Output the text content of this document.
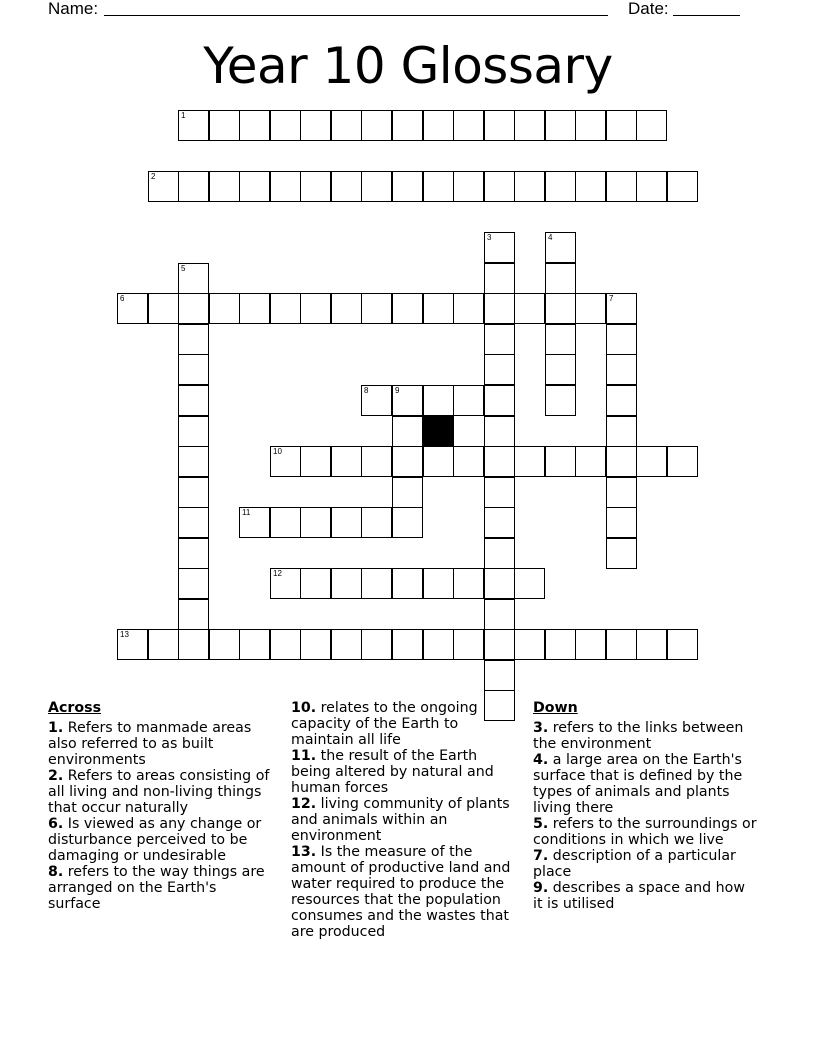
Name:	Date:
Year 10 Glossary
1
2
3	4
5
6	7
8	9
10
11
12
13
Across
1. Refers to manmade areas also referred to as built environments
2. Refers to areas consisting of all living and non-living things that occur naturally
6. Is viewed as any change or disturbance perceived to be damaging or undesirable
8. refers to the way things are arranged on the Earth's surface
10. relates to the ongoing capacity of the Earth to maintain all life
11. the result of the Earth being altered by natural and human forces
12. living community of plants and animals within an environment
13. Is the measure of the amount of productive land and water required to produce the resources that the population consumes and the wastes that are produced
Down
3. refers to the links between the environment
4. a large area on the Earth's surface that is defined by the types of animals and plants living there
5. refers to the surroundings or conditions in which we live
7. description of a particular place
9. describes a space and how it is utilised
